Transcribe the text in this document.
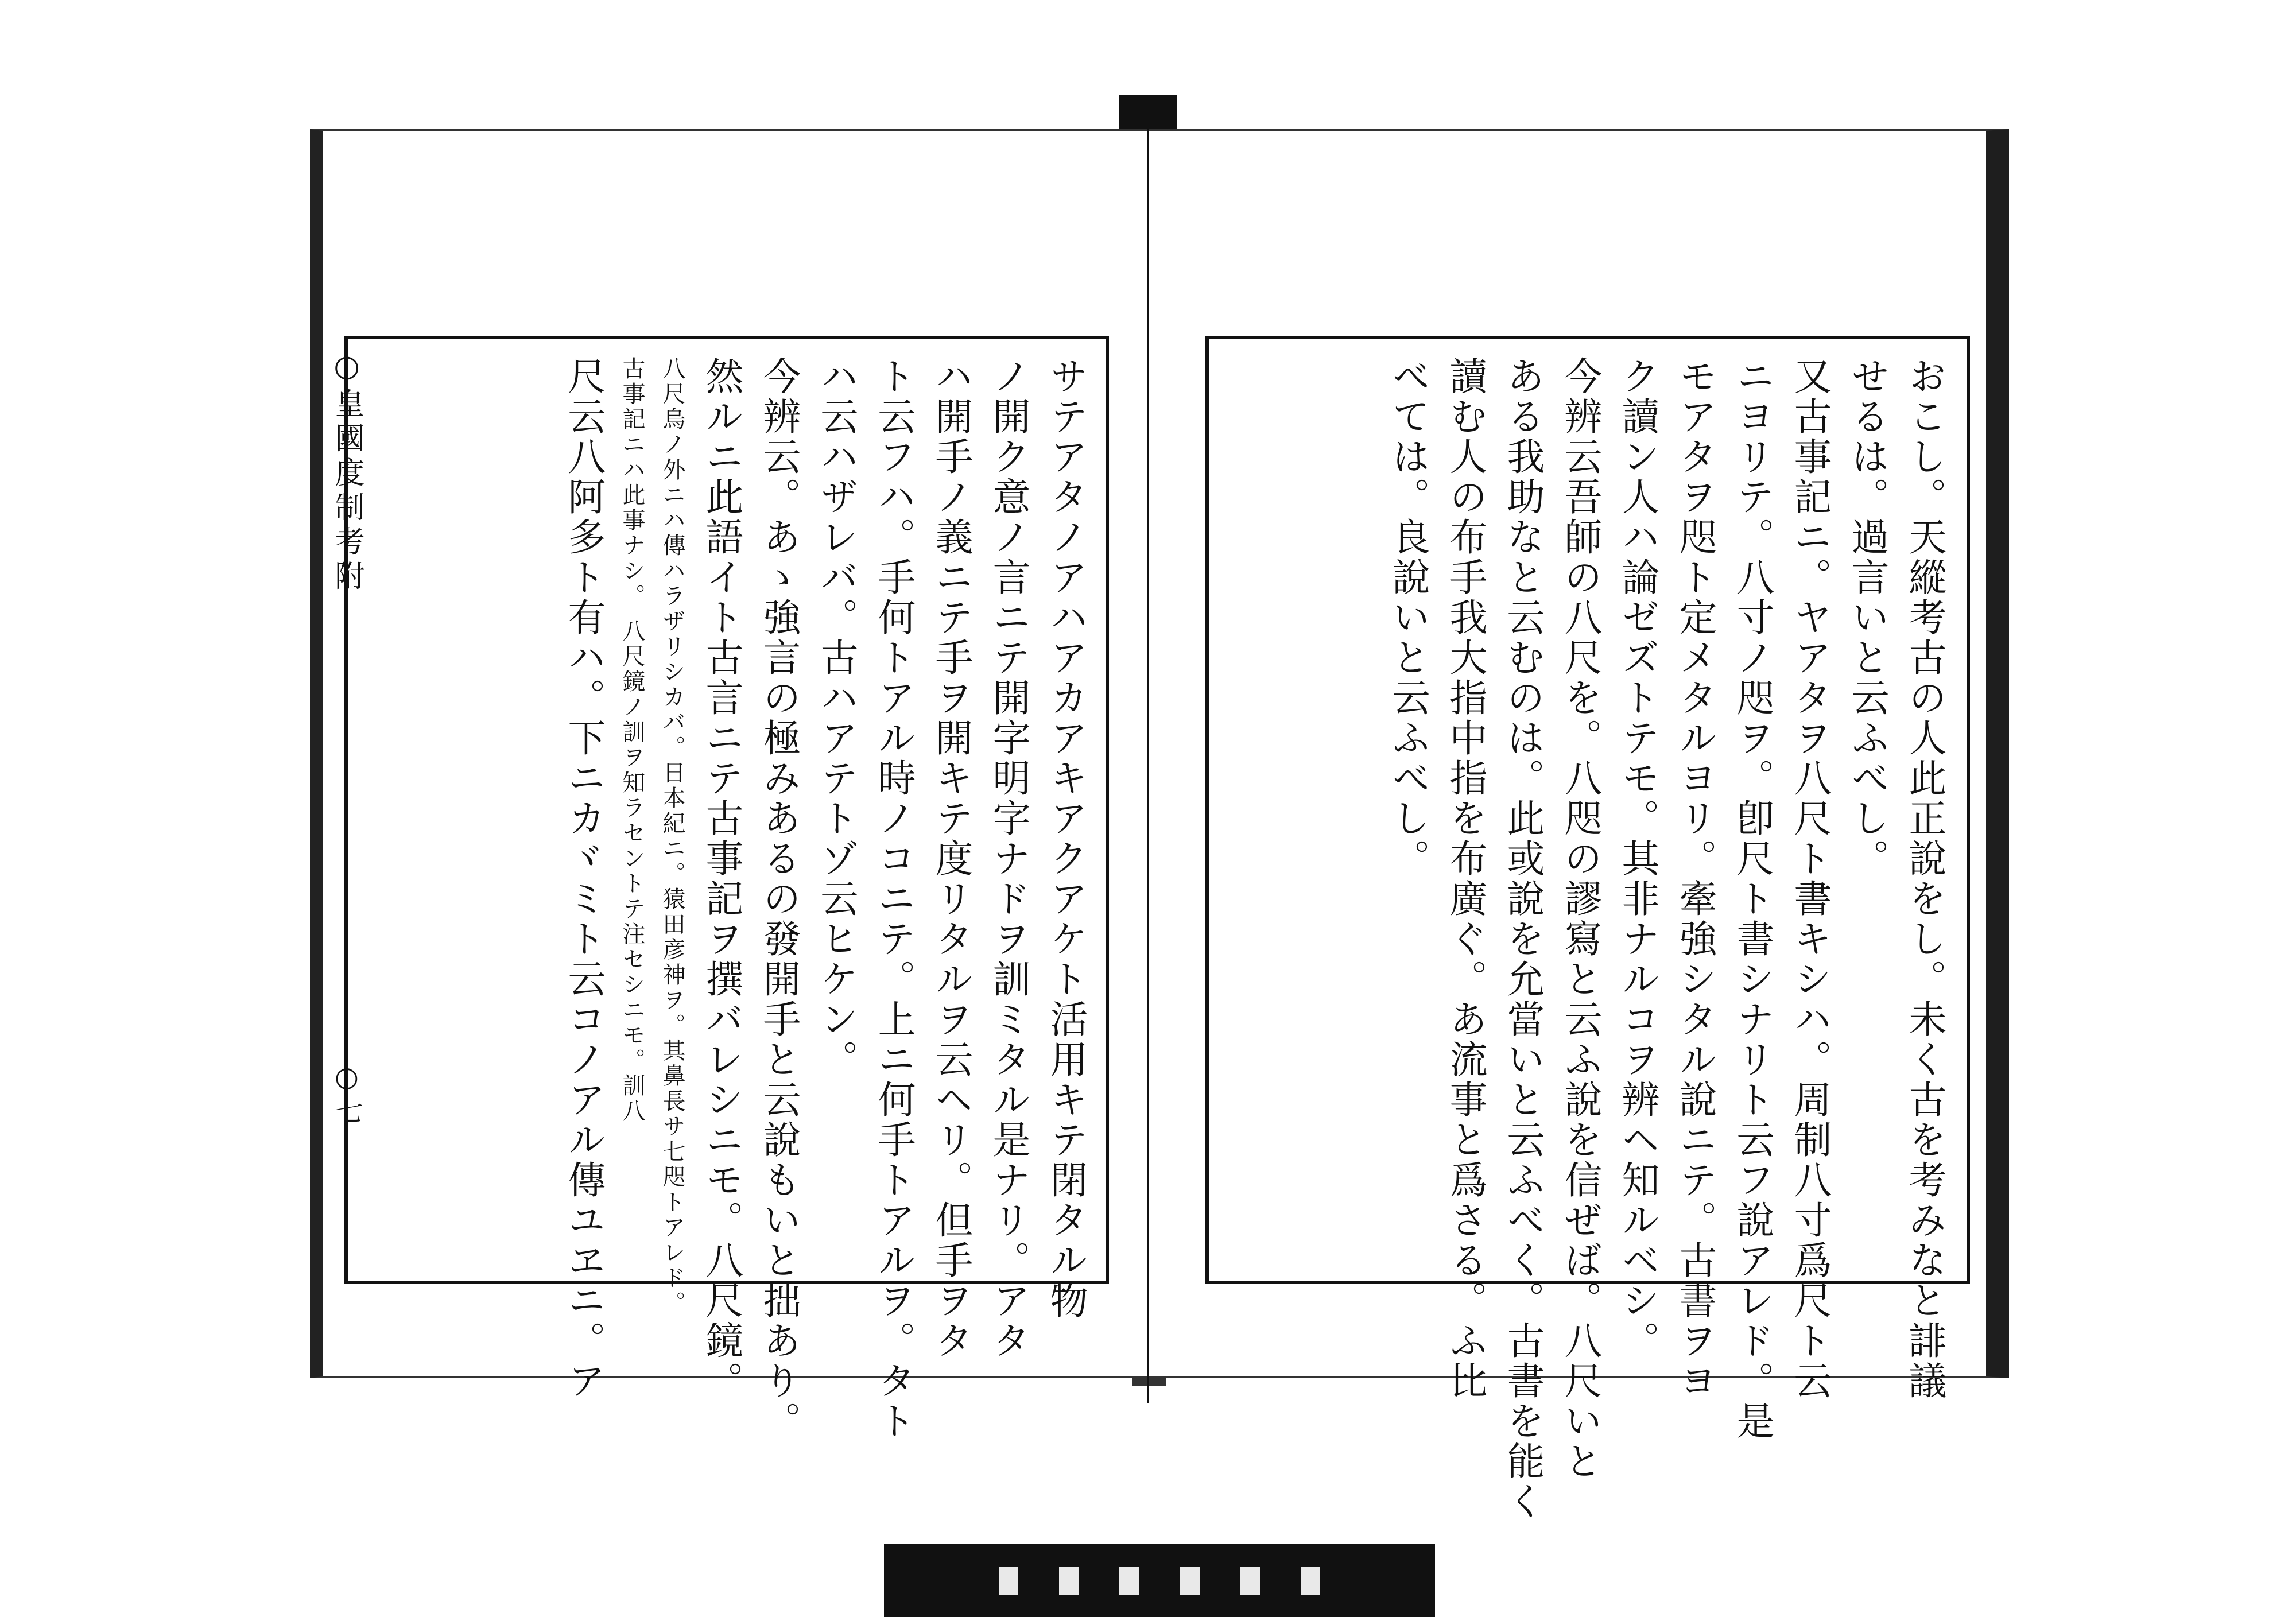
○皇國度制考附
○七	サテアタノアハアカアキアクアケト活用キテ閉タル物
ノ開ク意ノ言ニテ開字明字ナドヲ訓ミタル是ナリ。アタ
ハ開手ノ義ニテ手ヲ開キテ度リタルヲ云ヘリ。但手ヲタ
ト云フハ。手何トアル時ノコニテ。上ニ何手トアルヲ。タト
ハ云ハザレバ。古ハアテトゾ云ヒケン。
今辨云。あゝ強言の極みあるの發開手と云說もいと拙あり。
然ルニ此語イト古言ニテ古事記ヲ撰バレシニモ。八尺鏡。
八尺烏ノ外ニハ傳ハラザリシカバ。日本紀ニ。猿田彦神ヲ。其鼻長サ七咫トアレド。
古事記ニハ此事ナシ。 八尺鏡ノ訓ヲ知ラセントテ注セシニモ。訓八
尺云八阿多ト有ハ。下ニカヾミト云コノアル傳ユヱニ。ア	おこし。天縱考古の人此正說をし。未く古を考みなと誹議
せるは。過言いと云ふべし。
又古事記ニ。ヤアタヲ八尺ト書キシハ。周制八寸爲尺ト云
ニヨリテ。八寸ノ咫ヲ。卽尺ト書シナリト云フ說アレド。是
モアタヲ咫ト定メタルヨリ。牽強シタル說ニテ。古書ヲヨ
ク讀ン人ハ論ゼズトテモ。其非ナルコヲ辨ヘ知ルベシ。
今辨云吾師の八尺を。八咫の謬寫と云ふ說を信ぜば。八尺いと
ある我助なと云むのは。此或說を允當いと云ふべく。古書を能く
讀む人の布手我大指中指を布廣ぐ。あ流事と爲さる。ふ比
べては。良說いと云ふべし。
